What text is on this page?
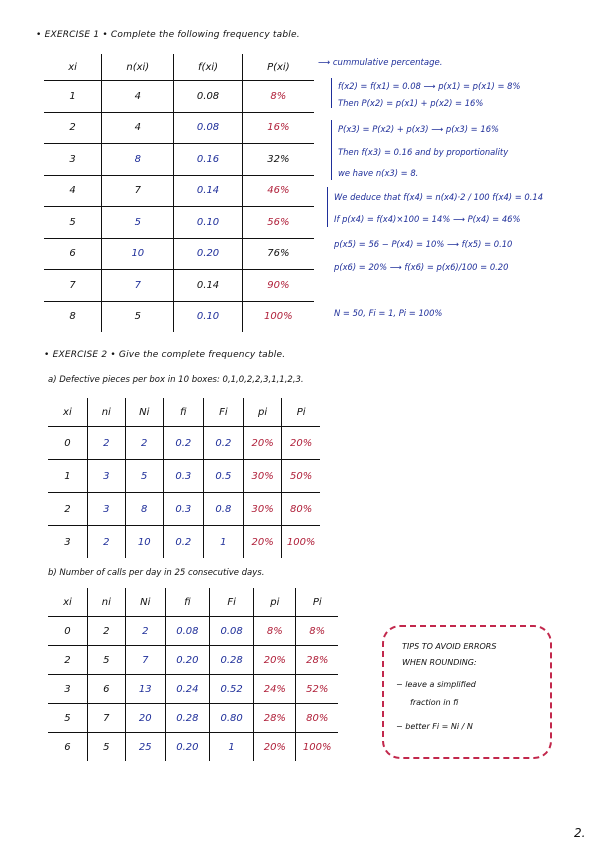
• EXERCISE 1 • Complete the following frequency table.
xi	n(xi)	f(xi)	P(xi)
1	4	0.08	8%
2	4	0.08	16%
3	8	0.16	32%
4	7	0.14	46%
5	5	0.10	56%
6	10	0.20	76%
7	7	0.14	90%
8	5	0.10	100%
⟶ cummulative percentage.
f(x2) = f(x1) = 0.08 ⟶ p(x1) = p(x1) = 8%
Then P(x2) = p(x1) + p(x2) = 16%
P(x3) = P(x2) + p(x3) ⟶ p(x3) = 16%
Then f(x3) = 0.16 and by proportionality
we have n(x3) = 8.
We deduce that f(x4) = n(x4)·2 / 100 f(x4) = 0.14
If p(x4) = f(x4)×100 = 14% ⟶ P(x4) = 46%
p(x5) = 56 − P(x4) = 10% ⟶ f(x5) = 0.10
p(x6) = 20% ⟶ f(x6) = p(x6)/100 = 0.20
N = 50, Fi = 1, Pi = 100%
• EXERCISE 2 • Give the complete frequency table.
a) Defective pieces per box in 10 boxes: 0,1,0,2,2,3,1,1,2,3.
xi	ni	Ni	fi	Fi	pi	Pi
0	2	2	0.2	0.2	20%	20%
1	3	5	0.3	0.5	30%	50%
2	3	8	0.3	0.8	30%	80%
3	2	10	0.2	1	20%	100%
b) Number of calls per day in 25 consecutive days.
xi	ni	Ni	fi	Fi	pi	Pi
0	2	2	0.08	0.08	8%	8%
2	5	7	0.20	0.28	20%	28%
3	6	13	0.24	0.52	24%	52%
5	7	20	0.28	0.80	28%	80%
6	5	25	0.20	1	20%	100%
TIPS TO AVOID ERRORS
WHEN ROUNDING:
− leave a simplified
fraction in fi
− better Fi = Ni / N
2.
